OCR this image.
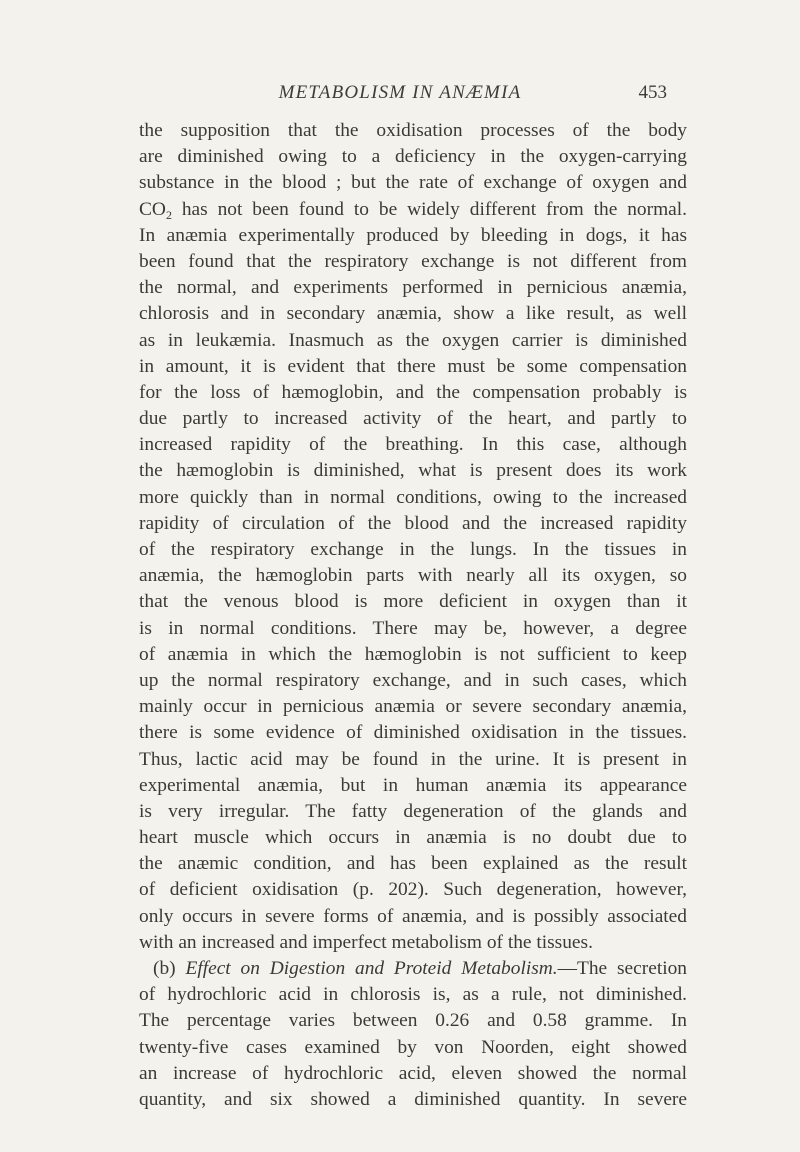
METABOLISM IN ANÆMIA	453
the supposition that the oxidisation processes of the body
are diminished owing to a deficiency in the oxygen-carrying
substance in the blood ; but the rate of exchange of oxygen and
$CO_2$ has not been found to be widely different from the normal.
In anæmia experimentally produced by bleeding in dogs, it has
been found that the respiratory exchange is not different from
the normal, and experiments performed in pernicious anæmia,
chlorosis and in secondary anæmia, show a like result, as well
as in leukæmia. Inasmuch as the oxygen carrier is diminished
in amount, it is evident that there must be some compensation
for the loss of hæmoglobin, and the compensation probably is
due partly to increased activity of the heart, and partly to
increased rapidity of the breathing. In this case, although
the hæmoglobin is diminished, what is present does its work
more quickly than in normal conditions, owing to the increased
rapidity of circulation of the blood and the increased rapidity
of the respiratory exchange in the lungs. In the tissues in
anæmia, the hæmoglobin parts with nearly all its oxygen, so
that the venous blood is more deficient in oxygen than it
is in normal conditions. There may be, however, a degree
of anæmia in which the hæmoglobin is not sufficient to keep
up the normal respiratory exchange, and in such cases, which
mainly occur in pernicious anæmia or severe secondary anæmia,
there is some evidence of diminished oxidisation in the tissues.
Thus, lactic acid may be found in the urine. It is present in
experimental anæmia, but in human anæmia its appearance
is very irregular. The fatty degeneration of the glands and
heart muscle which occurs in anæmia is no doubt due to
the anæmic condition, and has been explained as the result
of deficient oxidisation (p. 202). Such degeneration, however,
only occurs in severe forms of anæmia, and is possibly associated
with an increased and imperfect metabolism of the tissues.
(b) Effect on Digestion and Proteid Metabolism.—The secretion
of hydrochloric acid in chlorosis is, as a rule, not diminished.
The percentage varies between 0.26 and 0.58 gramme. In
twenty-five cases examined by von Noorden, eight showed
an increase of hydrochloric acid, eleven showed the normal
quantity, and six showed a diminished quantity. In severe
